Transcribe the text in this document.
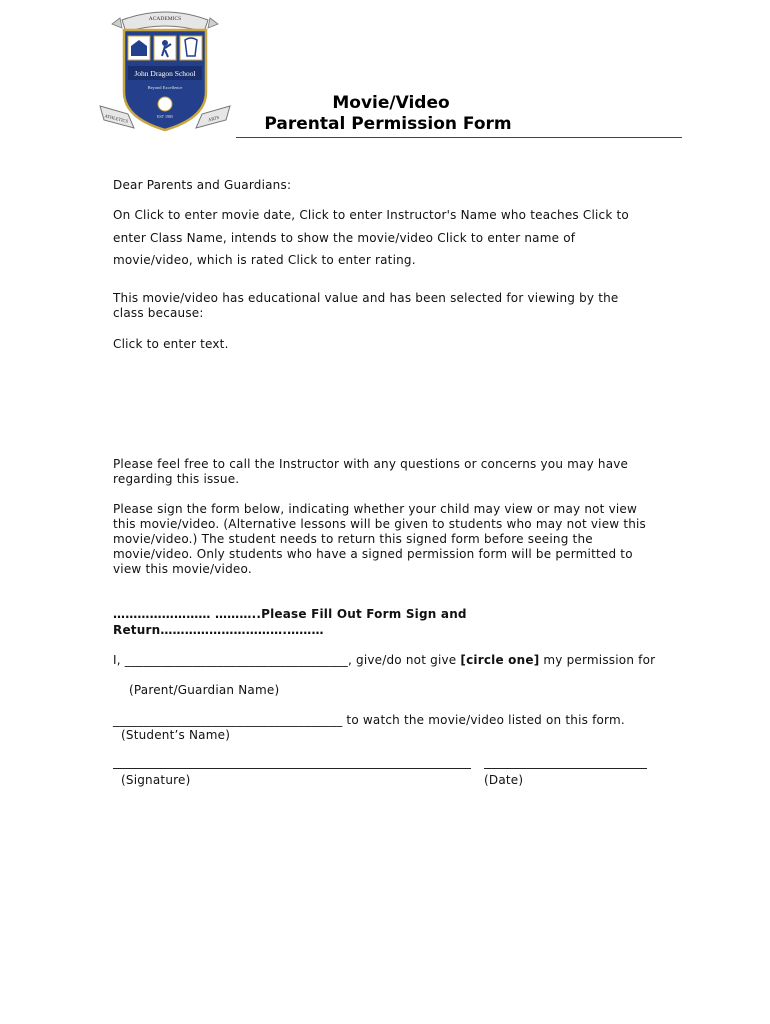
John Dragon School
Beyond Excellence
EST 1985
ACADEMICS
ATHLETICS	ARTS
Movie/Video
Parental Permission Form
Dear Parents and Guardians:
On Click to enter movie date, Click to enter Instructor's Name who teaches Click to enter Class Name, intends to show the movie/video Click to enter name of movie/video, which is rated Click to enter rating.
This movie/video has educational value and has been selected for viewing by the class because:
Click to enter text.
Please feel free to call the Instructor with any questions or concerns you may have regarding this issue.
Please sign the form below, indicating whether your child may view or may not view this movie/video. (Alternative lessons will be given to students who may not view this movie/video.) The student needs to return this signed form before seeing the movie/video. Only students who have a signed permission form will be permitted to view this movie/video.
…………………… ………..Please Fill Out Form Sign and
Return………………………….………
I, ____________________________________, give/do not give [circle one] my permission for
(Parent/Guardian Name)
_____________________________________ to watch the movie/video listed on this form.
(Student’s Name)
(Signature)	(Date)
